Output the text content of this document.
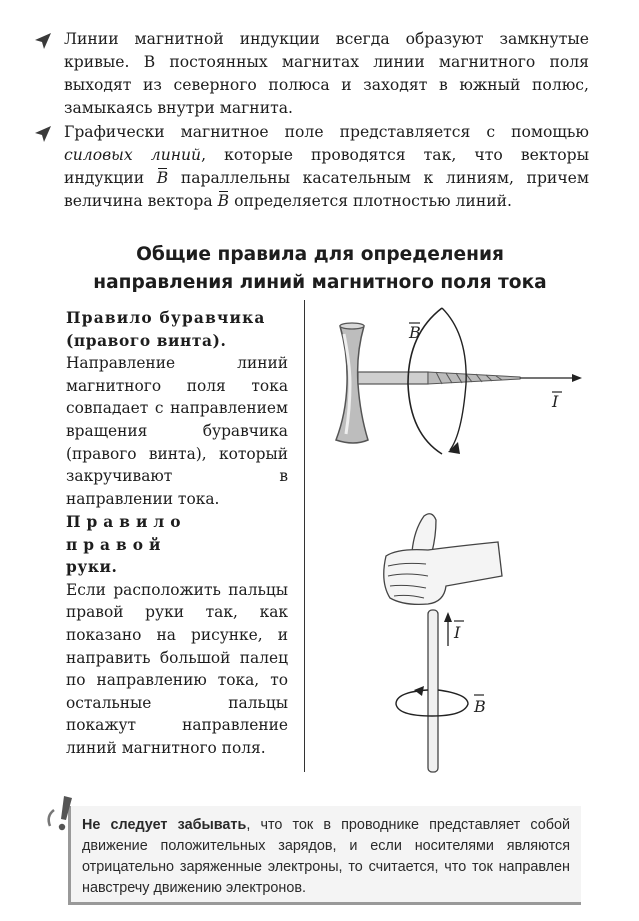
Линии магнитной индукции всегда образуют замкнутые кривые. В постоянных магнитах линии магнитного поля выходят из северного полюса и заходят в южный полюс, замыкаясь внутри магнита.
Графически магнитное поле представляется с помощью силовых линий, которые проводятся так, что векторы индукции B параллельны касательным к линиям, причем величина вектора B определяется плотностью линий.
Общие правила для определения
направления линий магнитного поля тока
Правило буравчика
(правого винта).
Направление линий магнитного поля тока совпадает с направлением вращения буравчика (правого винта), который закручивают в направлении тока.
Правило правой
руки.
Если расположить пальцы правой руки так, как показано на рисунке, и направить большой палец по направлению тока, то остальные пальцы покажут направление линий магнитного поля.
B
I
I
B
Не следует забывать, что ток в проводнике представляет собой движение положительных зарядов, и если носителями являются отрицательно заряженные электроны, то считается, что ток направлен навстречу движению электронов.
